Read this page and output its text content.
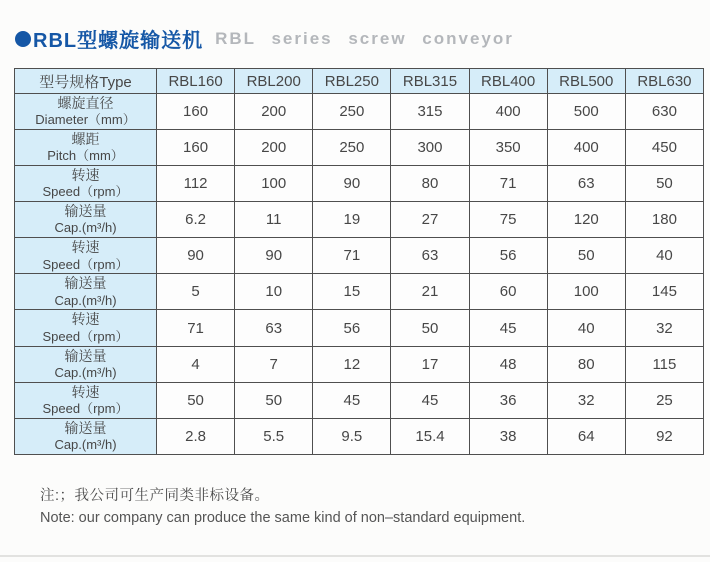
RBL型螺旋输送机 RBL series screw conveyor
型号规格Type	RBL160	RBL200	RBL250	RBL315	RBL400	RBL500	RBL630

螺旋直径
Diameter（mm）	160	200	250	315	400	500	630

螺距
Pitch（mm）	160	200	250	300	350	400	450

转速
Speed（rpm）	112	100	90	80	71	63	50

输送量
Cap.(m³/h)	6.2	11	19	27	75	120	180

转速
Speed（rpm）	90	90	71	63	56	50	40

输送量
Cap.(m³/h)	5	10	15	21	60	100	145

转速
Speed（rpm）	71	63	56	50	45	40	32

输送量
Cap.(m³/h)	4	7	12	17	48	80	115

转速
Speed（rpm）	50	50	45	45	36	32	25

输送量
Cap.(m³/h)	2.8	5.5	9.5	15.4	38	64	92
注:；我公司可生产同类非标设备。
Note: our company can produce the same kind of non–standard equipment.
